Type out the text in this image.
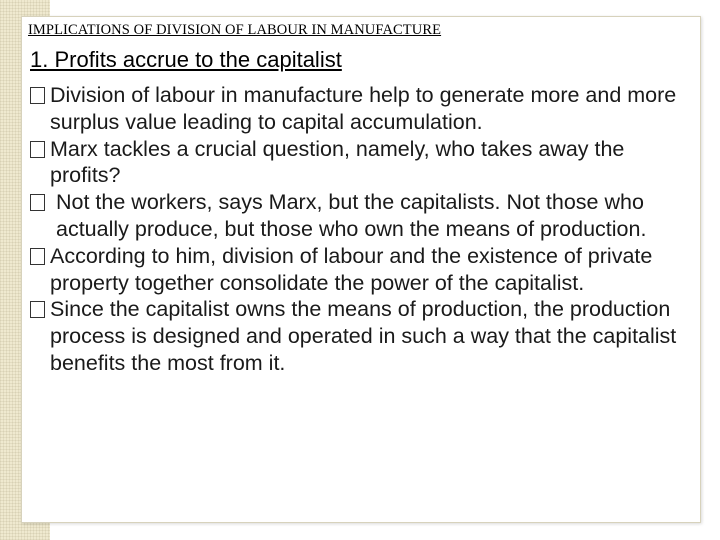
IMPLICATIONS OF DIVISION OF LABOUR IN MANUFACTURE
1. Profits accrue to the capitalist
Division of labour in manufacture help to generate more and more surplus value leading to capital accumulation.
Marx tackles a crucial question, namely, who takes away the profits?
Not the workers, says Marx, but the capitalists. Not those who actually produce, but those who own the means of production.
According to him, division of labour and the existence of private property together consolidate the power of the capitalist.
Since the capitalist owns the means of production, the production process is designed and operated in such a way that the capitalist benefits the most from it.
